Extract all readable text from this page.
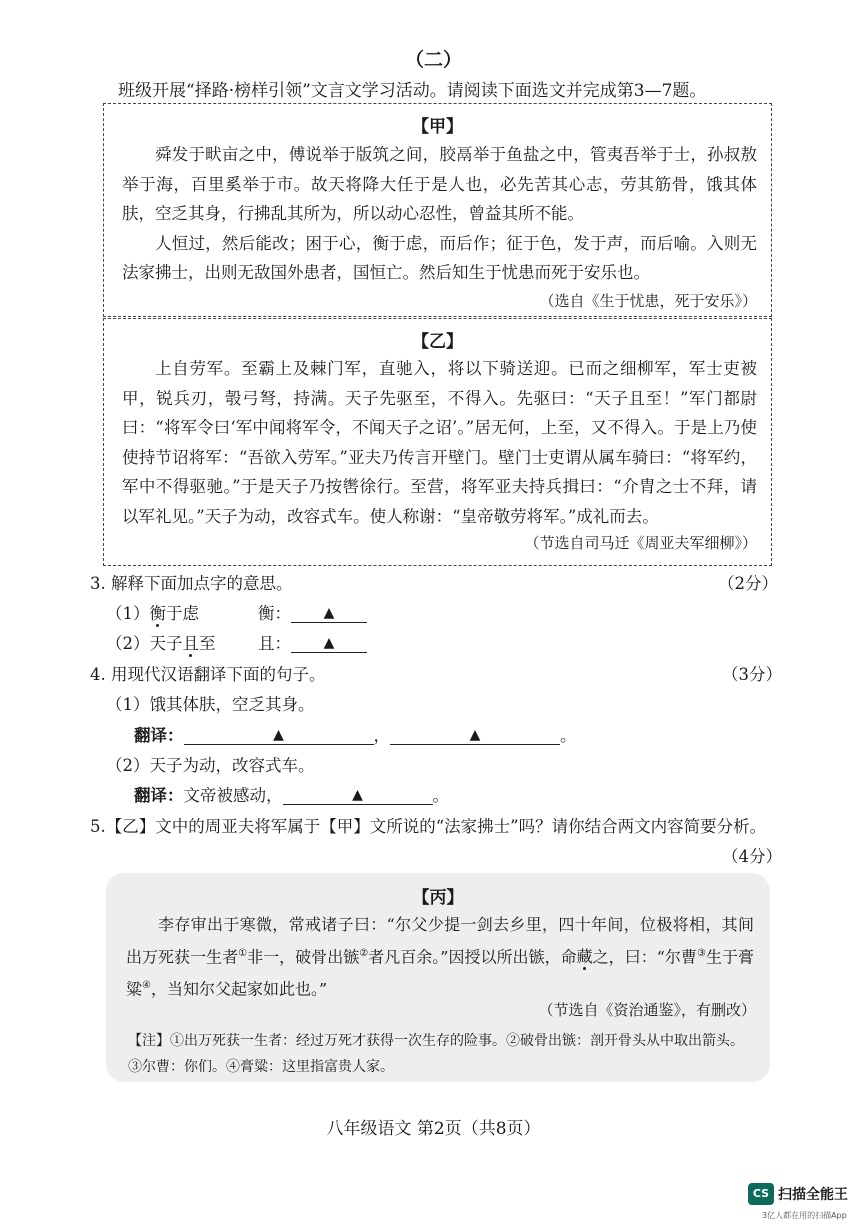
（二）
班级开展“择路·榜样引领”文言文学习活动。请阅读下面选文并完成第3—7题。
【甲】

舜发于畎亩之中，傅说举于版筑之间，胶鬲举于鱼盐之中，管夷吾举于士，孙叔敖举于海，百里奚举于市。故天将降大任于是人也，必先苦其心志，劳其筋骨，饿其体肤，空乏其身，行拂乱其所为，所以动心忍性，曾益其所不能。

人恒过，然后能改；困于心，衡于虑，而后作；征于色，发于声，而后喻。入则无法家拂士，出则无敌国外患者，国恒亡。然后知生于忧患而死于安乐也。

（选自《生于忧患，死于安乐》）
【乙】

上自劳军。至霸上及棘门军，直驰入，将以下骑送迎。已而之细柳军，军士吏被甲，锐兵刃，彀弓弩，持满。天子先驱至，不得入。先驱曰：“天子且至！”军门都尉曰：“将军令曰‘军中闻将军令，不闻天子之诏’。”居无何，上至，又不得入。于是上乃使使持节诏将军：“吾欲入劳军。”亚夫乃传言开壁门。壁门士吏谓从属车骑曰：“将军约，军中不得驱驰。”于是天子乃按辔徐行。至营，将军亚夫持兵揖曰：“介胄之士不拜，请以军礼见。”天子为动，改容式车。使人称谢：“皇帝敬劳将军。”成礼而去。

（节选自司马迁《周亚夫军细柳》）
3. 解释下面加点字的意思。	（2分）
（1）衡于虑	衡： ▲
（2）天子且至	且： ▲
4. 用现代汉语翻译下面的句子。	（3分）
（1）饿其体肤，空乏其身。
翻译：	▲	，	▲	。
（2）天子为动，改容式车。
翻译：文帝被感动，	▲	。
5.【乙】文中的周亚夫将军属于【甲】文所说的“法家拂士”吗？请你结合两文内容简要分析。
（4分）
【丙】

李存审出于寒微，常戒诸子曰：“尔父少提一剑去乡里，四十年间，位极将相，其间出万死获一生者①非一，破骨出镞②者凡百余。”因授以所出镞，命藏之，曰：“尔曹③生于膏粱④，当知尔父起家如此也。”

（节选自《资治通鉴》，有删改）
【注】①出万死获一生者：经过万死才获得一次生存的险事。②破骨出镞：剖开骨头从中取出箭头。③尔曹：你们。④膏粱：这里指富贵人家。
八年级语文 第2页（共8页）
CS 扫描全能王
3亿人都在用的扫描App
